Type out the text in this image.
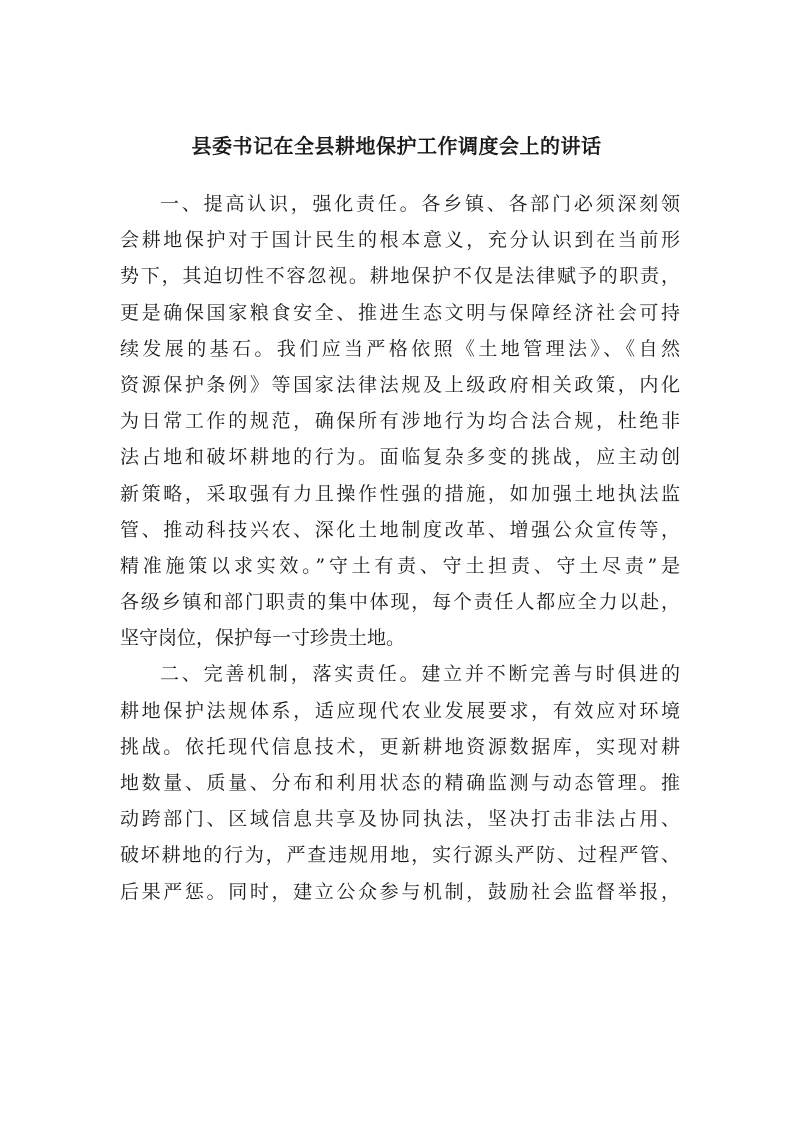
县委书记在全县耕地保护工作调度会上的讲话
一、提高认识，强化责任。各乡镇、各部门必须深刻领
会耕地保护对于国计民生的根本意义，充分认识到在当前形
势下，其迫切性不容忽视。耕地保护不仅是法律赋予的职责，
更是确保国家粮食安全、推进生态文明与保障经济社会可持
续发展的基石。我们应当严格依照《土地管理法》、《自然
资源保护条例》等国家法律法规及上级政府相关政策，内化
为日常工作的规范，确保所有涉地行为均合法合规，杜绝非
法占地和破坏耕地的行为。面临复杂多变的挑战，应主动创
新策略，采取强有力且操作性强的措施，如加强土地执法监
管、推动科技兴农、深化土地制度改革、增强公众宣传等，
精准施策以求实效。”守土有责、守土担责、守土尽责”是
各级乡镇和部门职责的集中体现，每个责任人都应全力以赴，
坚守岗位，保护每一寸珍贵土地。
二、完善机制，落实责任。建立并不断完善与时俱进的
耕地保护法规体系，适应现代农业发展要求，有效应对环境
挑战。依托现代信息技术，更新耕地资源数据库，实现对耕
地数量、质量、分布和利用状态的精确监测与动态管理。推
动跨部门、区域信息共享及协同执法，坚决打击非法占用、
破坏耕地的行为，严查违规用地，实行源头严防、过程严管、
后果严惩。同时，建立公众参与机制，鼓励社会监督举报，
